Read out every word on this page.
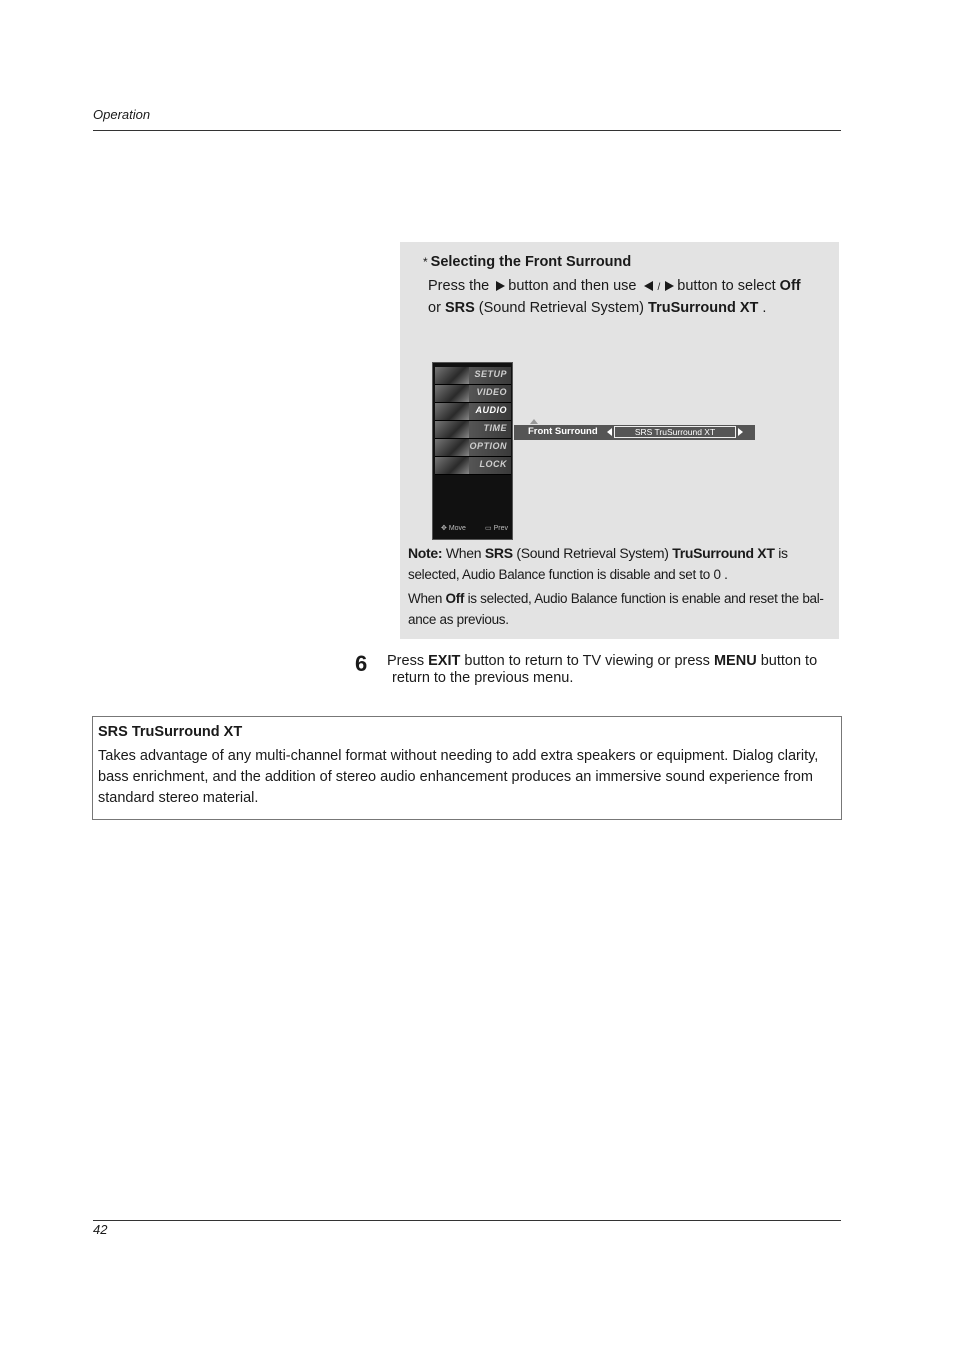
Operation
* Selecting the Front Surround
Press the button and then use / button to select Off
or SRS (Sound Retrieval System) TruSurround XT .
SETUP
VIDEO
AUDIO
TIME
OPTION
LOCK
✥ Move	▭ Prev
Front Surround	SRS TruSurround XT
Note: When SRS (Sound Retrieval System) TruSurround XT is
selected, Audio Balance function is disable and set to 0 .
When Off is selected, Audio Balance function is enable and reset the bal-
ance as previous.
6 Press EXIT button to return to TV viewing or press MENU button to
return to the previous menu.
SRS TruSurround XT
Takes advantage of any multi-channel format without needing to add extra speakers or equipment. Dialog clarity, bass enrichment, and the addition of stereo audio enhancement produces an immersive sound experience from standard stereo material.
42
